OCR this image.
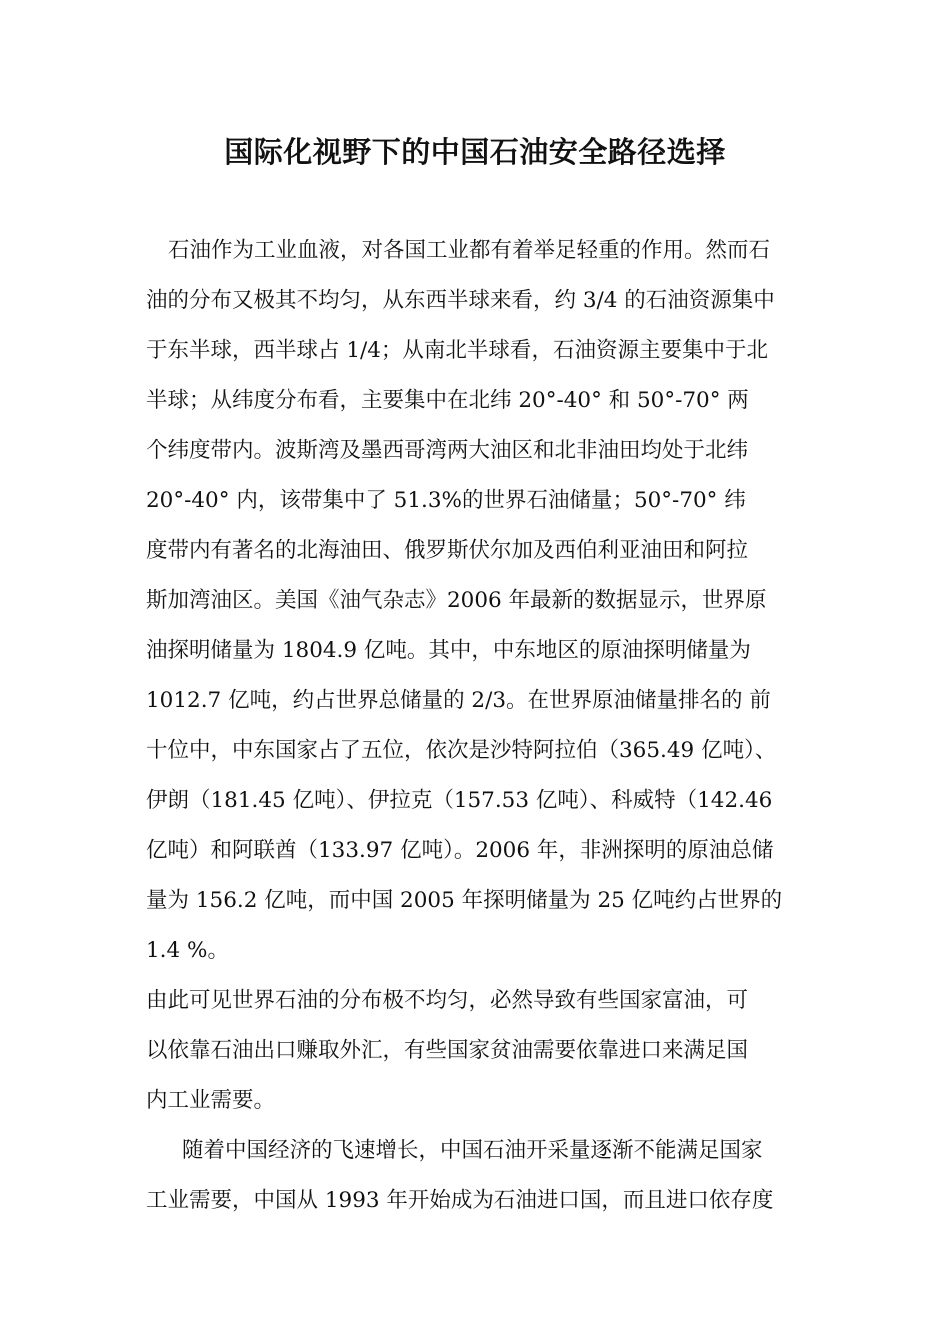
国际化视野下的中国石油安全路径选择

石油作为工业血液，对各国工业都有着举足轻重的作用。然而石

油的分布又极其不均匀，从东西半球来看，约 3/4 的石油资源集中

于东半球，西半球占 1/4；从南北半球看，石油资源主要集中于北

半球；从纬度分布看，主要集中在北纬 20°-40° 和 50°-70° 两

个纬度带内。波斯湾及墨西哥湾两大油区和北非油田均处于北纬

20°-40° 内，该带集中了 51.3%的世界石油储量；50°-70° 纬

度带内有著名的北海油田、俄罗斯伏尔加及西伯利亚油田和阿拉

斯加湾油区。美国《油气杂志》2006 年最新的数据显示，世界原

油探明储量为 1804.9 亿吨。其中，中东地区的原油探明储量为

1012.7 亿吨，约占世界总储量的 2/3。在世界原油储量排名的 前

十位中，中东国家占了五位，依次是沙特阿拉伯（365.49 亿吨）、

伊朗（181.45 亿吨）、伊拉克（157.53 亿吨）、科威特（142.46

亿吨）和阿联酋（133.97 亿吨）。2006 年，非洲探明的原油总储

量为 156.2 亿吨，而中国 2005 年探明储量为 25 亿吨约占世界的

1.4 %。

由此可见世界石油的分布极不均匀，必然导致有些国家富油，可

以依靠石油出口赚取外汇，有些国家贫油需要依靠进口来满足国

内工业需要。

随着中国经济的飞速增长，中国石油开采量逐渐不能满足国家

工业需要，中国从 1993 年开始成为石油进口国，而且进口依存度
